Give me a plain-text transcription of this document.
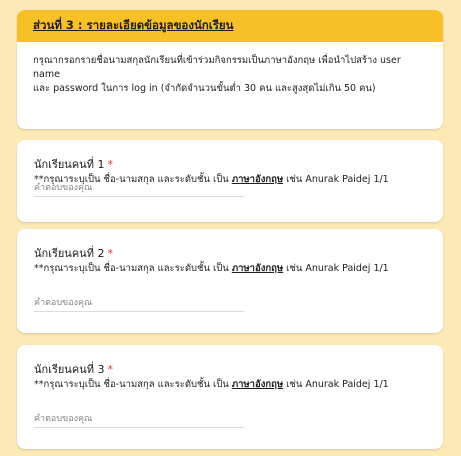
ส่วนที่ 3 : รายละเอียดข้อมูลของนักเรียน
กรุณากรอกรายชื่อนามสกุลนักเรียนที่เข้าร่วมกิจกรรมเป็นภาษาอังกฤษ เพื่อนำไปสร้าง user name
และ password ในการ log in (จำกัดจำนวนขั้นต่ำ 30 คน และสูงสุดไม่เกิน 50 คน)
นักเรียนคนที่ 1 *
**กรุณาระบุเป็น ชื่อ-นามสกุล และระดับชั้น เป็น ภาษาอังกฤษ เช่น Anurak Paidej 1/1
คำตอบของคุณ
นักเรียนคนที่ 2 *
**กรุณาระบุเป็น ชื่อ-นามสกุล และระดับชั้น เป็น ภาษาอังกฤษ เช่น Anurak Paidej 1/1
คำตอบของคุณ
นักเรียนคนที่ 3 *
**กรุณาระบุเป็น ชื่อ-นามสกุล และระดับชั้น เป็น ภาษาอังกฤษ เช่น Anurak Paidej 1/1
คำตอบของคุณ
